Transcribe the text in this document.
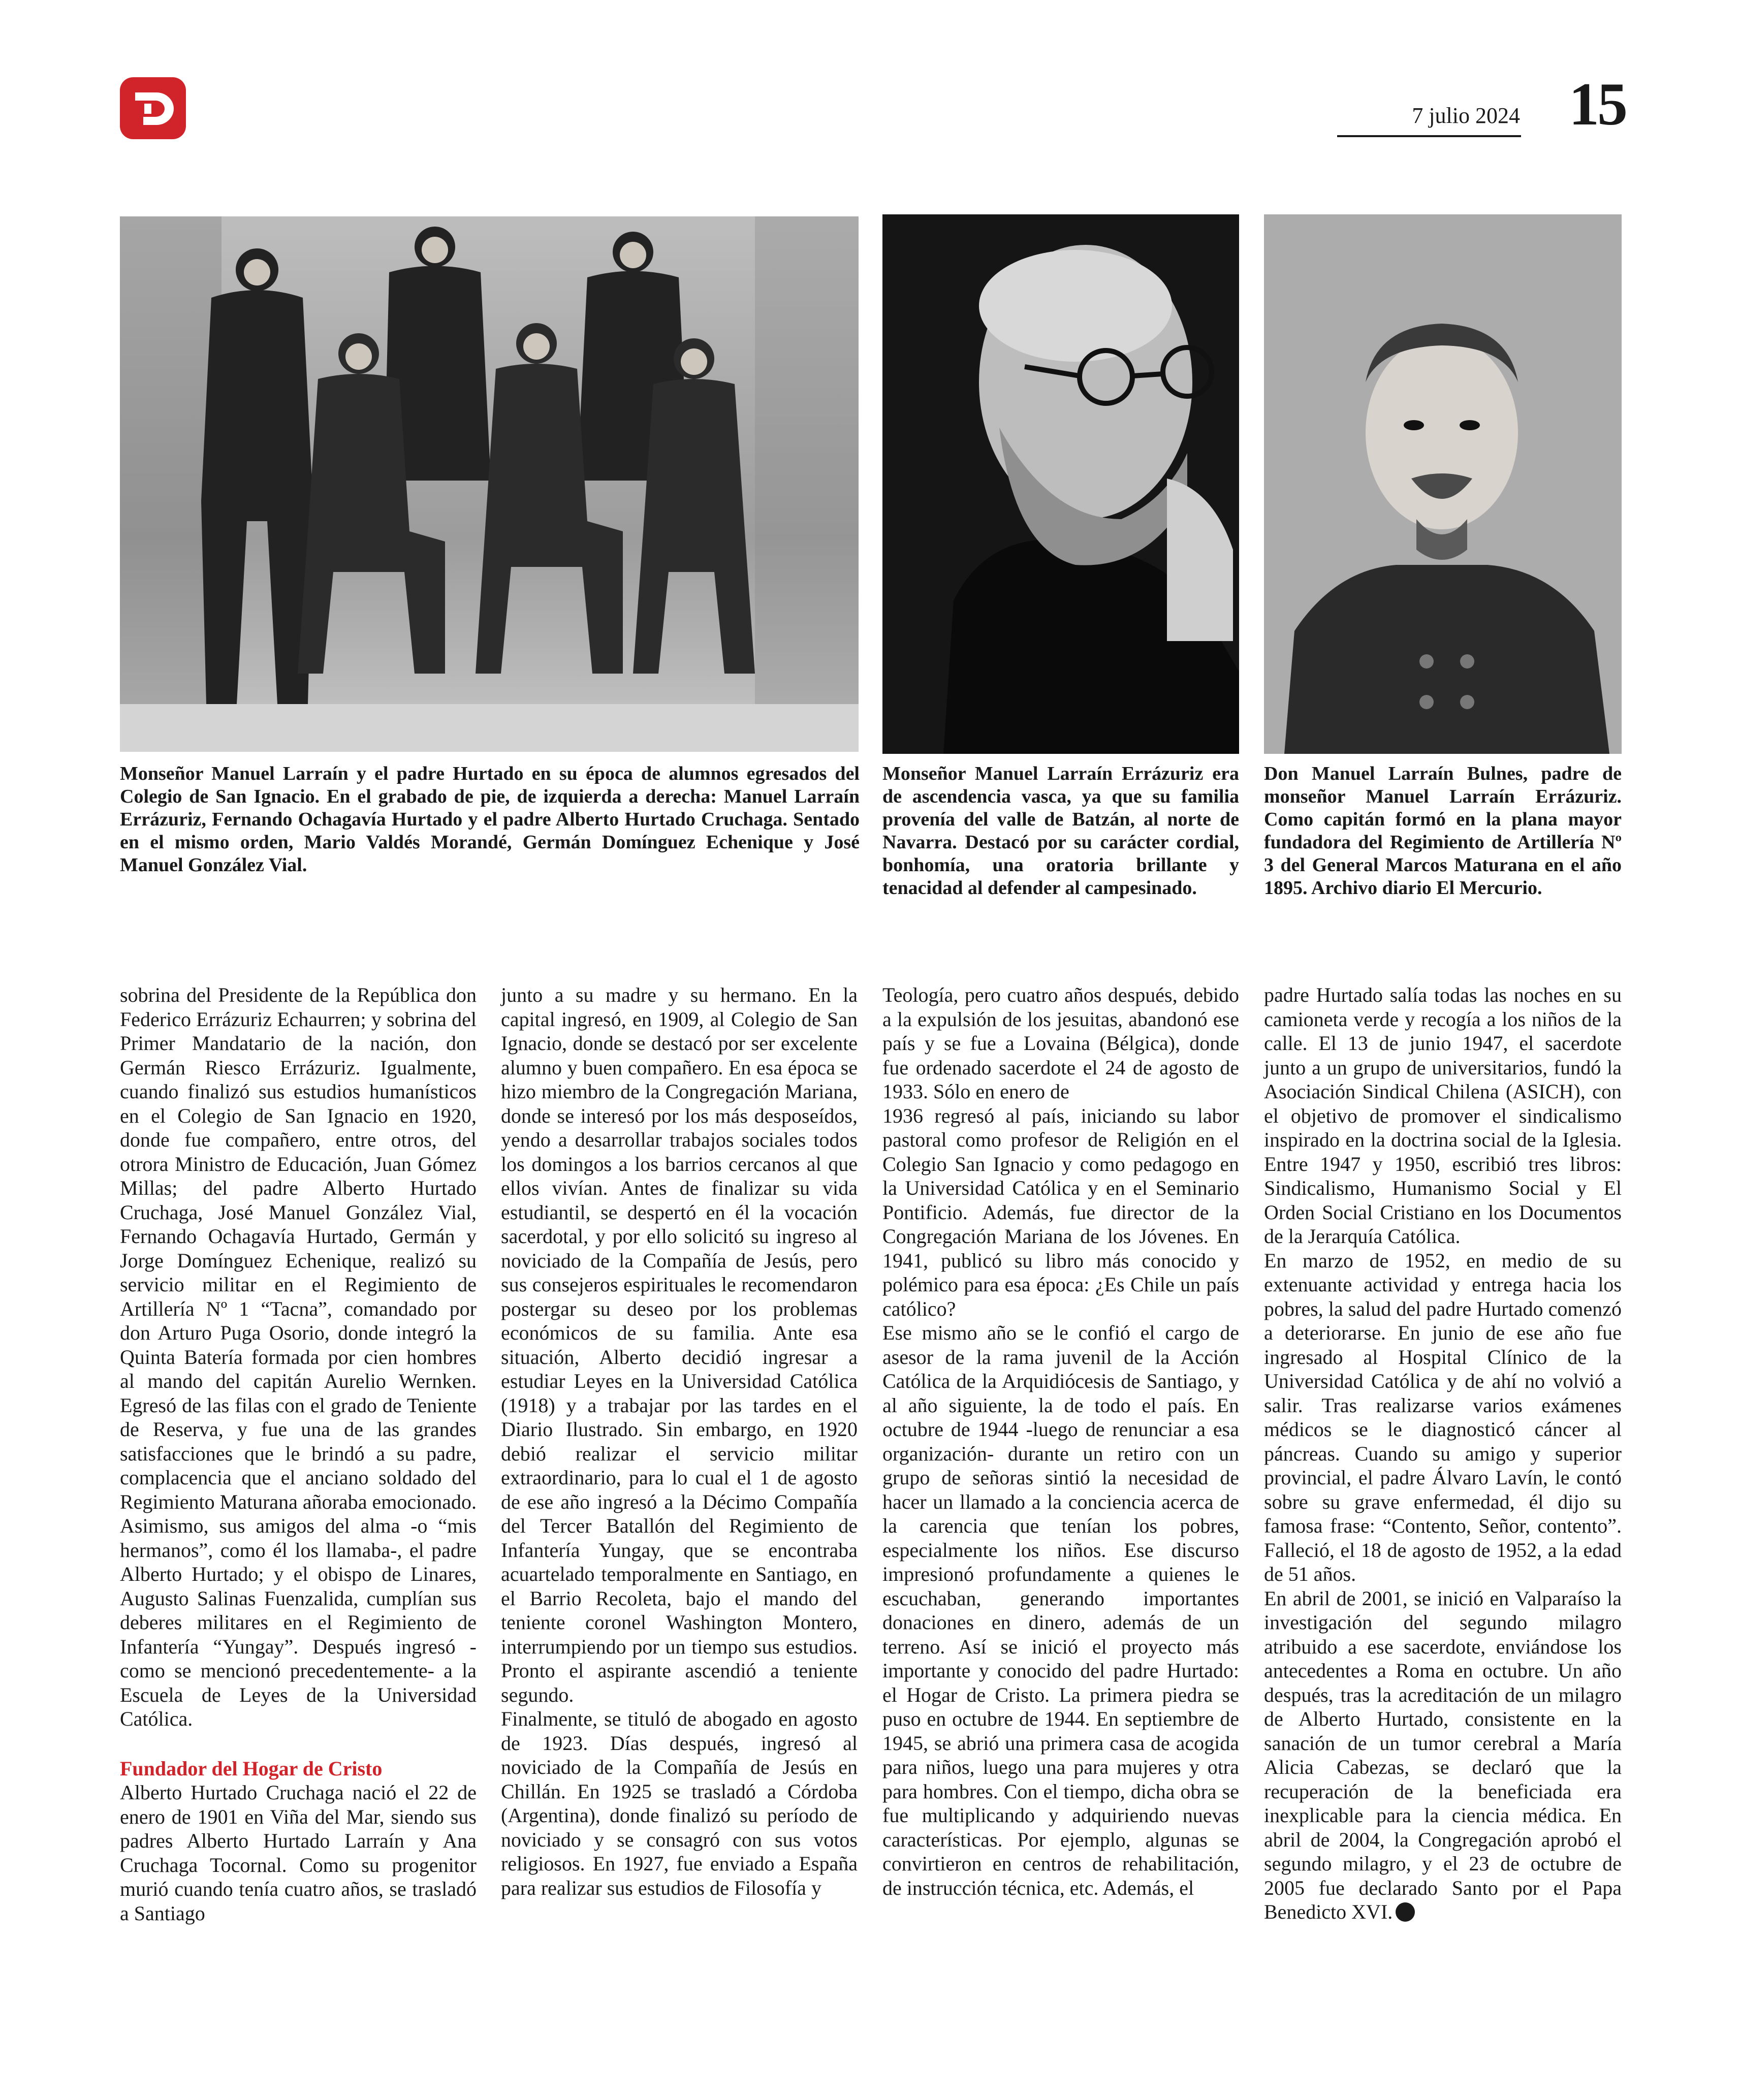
7 julio 2024 15
Monseñor Manuel Larraín y el padre Hurtado en su época de alumnos egresados del Colegio de San Ignacio. En el grabado de pie, de izquierda a derecha: Manuel Larraín Errázuriz, Fernando Ochagavía Hurtado y el padre Alberto Hurtado Cruchaga. Sentado en el mismo orden, Mario Valdés Morandé, Germán Domínguez Echenique y José Manuel González Vial.
Monseñor Manuel Larraín Errázuriz era de ascendencia vasca, ya que su familia provenía del valle de Batzán, al norte de Navarra. Destacó por su carácter cordial, bonhomía, una oratoria brillante y tenacidad al defender al campesinado.
Don Manuel Larraín Bulnes, padre de monseñor Manuel Larraín Errázuriz. Como capitán formó en la plana mayor fundadora del Regimiento de Artillería Nº 3 del General Marcos Maturana en el año 1895. Archivo diario El Mercurio.

sobrina del Presidente de la República don Federico Errázuriz Echaurren; y sobrina del Primer Mandatario de la nación, don Germán Riesco Errázuriz. Igualmente, cuando finalizó sus estudios humanísticos en el Colegio de San Ignacio en 1920, donde fue compañero, entre otros, del otrora Ministro de Educación, Juan Gómez Millas; del padre Alberto Hurtado Cruchaga, José Manuel González Vial, Fernando Ochagavía Hurtado, Germán y Jorge Domínguez Echenique, realizó su servicio militar en el Regimiento de Artillería Nº 1 “Tacna”, comandado por don Arturo Puga Osorio, donde integró la Quinta Batería formada por cien hombres al mando del capitán Aurelio Wernken. Egresó de las filas con el grado de Teniente de Reserva, y fue una de las grandes satisfacciones que le brindó a su padre, complacencia que el anciano soldado del Regimiento Maturana añoraba emocionado. Asimismo, sus amigos del alma -o “mis hermanos”, como él los llamaba-, el padre Alberto Hurtado; y el obispo de Linares, Augusto Salinas Fuenzalida, cumplían sus deberes militares en el Regimiento de Infantería “Yungay”. Después ingresó -como se mencionó precedentemente- a la Escuela de Leyes de la Universidad Católica.

Fundador del Hogar de Cristo

Alberto Hurtado Cruchaga nació el 22 de enero de 1901 en Viña del Mar, siendo sus padres Alberto Hurtado Larraín y Ana Cruchaga Tocornal. Como su progenitor murió cuando tenía cuatro años, se trasladó a Santiago

junto a su madre y su hermano. En la capital ingresó, en 1909, al Colegio de San Ignacio, donde se destacó por ser excelente alumno y buen compañero. En esa época se hizo miembro de la Congregación Mariana, donde se interesó por los más desposeídos, yendo a desarrollar trabajos sociales todos los domingos a los barrios cercanos al que ellos vivían. Antes de finalizar su vida estudiantil, se despertó en él la vocación sacerdotal, y por ello solicitó su ingreso al noviciado de la Compañía de Jesús, pero sus consejeros espirituales le recomendaron postergar su deseo por los problemas económicos de su familia. Ante esa situación, Alberto decidió ingresar a estudiar Leyes en la Universidad Católica (1918) y a trabajar por las tardes en el Diario Ilustrado. Sin embargo, en 1920 debió realizar el servicio militar extraordinario, para lo cual el 1 de agosto de ese año ingresó a la Décimo Compañía del Tercer Batallón del Regimiento de Infantería Yungay, que se encontraba acuartelado temporalmente en Santiago, en el Barrio Recoleta, bajo el mando del teniente coronel Washington Montero, interrumpiendo por un tiempo sus estudios. Pronto el aspirante ascendió a teniente segundo.

Finalmente, se tituló de abogado en agosto de 1923. Días después, ingresó al noviciado de la Compañía de Jesús en Chillán. En 1925 se trasladó a Córdoba (Argentina), donde finalizó su período de noviciado y se consagró con sus votos religiosos. En 1927, fue enviado a España para realizar sus estudios de Filosofía y

Teología, pero cuatro años después, debido a la expulsión de los jesuitas, abandonó ese país y se fue a Lovaina (Bélgica), donde fue ordenado sacerdote el 24 de agosto de 1933. Sólo en enero de

1936 regresó al país, iniciando su labor pastoral como profesor de Religión en el Colegio San Ignacio y como pedagogo en la Universidad Católica y en el Seminario Pontificio. Además, fue director de la Congregación Mariana de los Jóvenes. En 1941, publicó su libro más conocido y polémico para esa época: ¿Es Chile un país católico?

Ese mismo año se le confió el cargo de asesor de la rama juvenil de la Acción Católica de la Arquidiócesis de Santiago, y al año siguiente, la de todo el país. En octubre de 1944 -luego de renunciar a esa organización- durante un retiro con un grupo de señoras sintió la necesidad de hacer un llamado a la conciencia acerca de la carencia que tenían los pobres, especialmente los niños. Ese discurso impresionó profundamente a quienes le escuchaban, generando importantes donaciones en dinero, además de un terreno. Así se inició el proyecto más importante y conocido del padre Hurtado: el Hogar de Cristo. La primera piedra se puso en octubre de 1944. En septiembre de 1945, se abrió una primera casa de acogida para niños, luego una para mujeres y otra para hombres. Con el tiempo, dicha obra se fue multiplicando y adquiriendo nuevas características. Por ejemplo, algunas se convirtieron en centros de rehabilitación, de instrucción técnica, etc. Además, el

padre Hurtado salía todas las noches en su camioneta verde y recogía a los niños de la calle. El 13 de junio 1947, el sacerdote junto a un grupo de universitarios, fundó la Asociación Sindical Chilena (ASICH), con el objetivo de promover el sindicalismo inspirado en la doctrina social de la Iglesia. Entre 1947 y 1950, escribió tres libros: Sindicalismo, Humanismo Social y El Orden Social Cristiano en los Documentos de la Jerarquía Católica.

En marzo de 1952, en medio de su extenuante actividad y entrega hacia los pobres, la salud del padre Hurtado comenzó a deteriorarse. En junio de ese año fue ingresado al Hospital Clínico de la Universidad Católica y de ahí no volvió a salir. Tras realizarse varios exámenes médicos se le diagnosticó cáncer al páncreas. Cuando su amigo y superior provincial, el padre Álvaro Lavín, le contó sobre su grave enfermedad, él dijo su famosa frase: “Contento, Señor, contento”. Falleció, el 18 de agosto de 1952, a la edad de 51 años.

En abril de 2001, se inició en Valparaíso la investigación del segundo milagro atribuido a ese sacerdote, enviándose los antecedentes a Roma en octubre. Un año después, tras la acreditación de un milagro de Alberto Hurtado, consistente en la sanación de un tumor cerebral a María Alicia Cabezas, se declaró que la recuperación de la beneficiada era inexplicable para la ciencia médica. En abril de 2004, la Congregación aprobó el segundo milagro, y el 23 de octubre de 2005 fue declarado Santo por el Papa Benedicto XVI.
